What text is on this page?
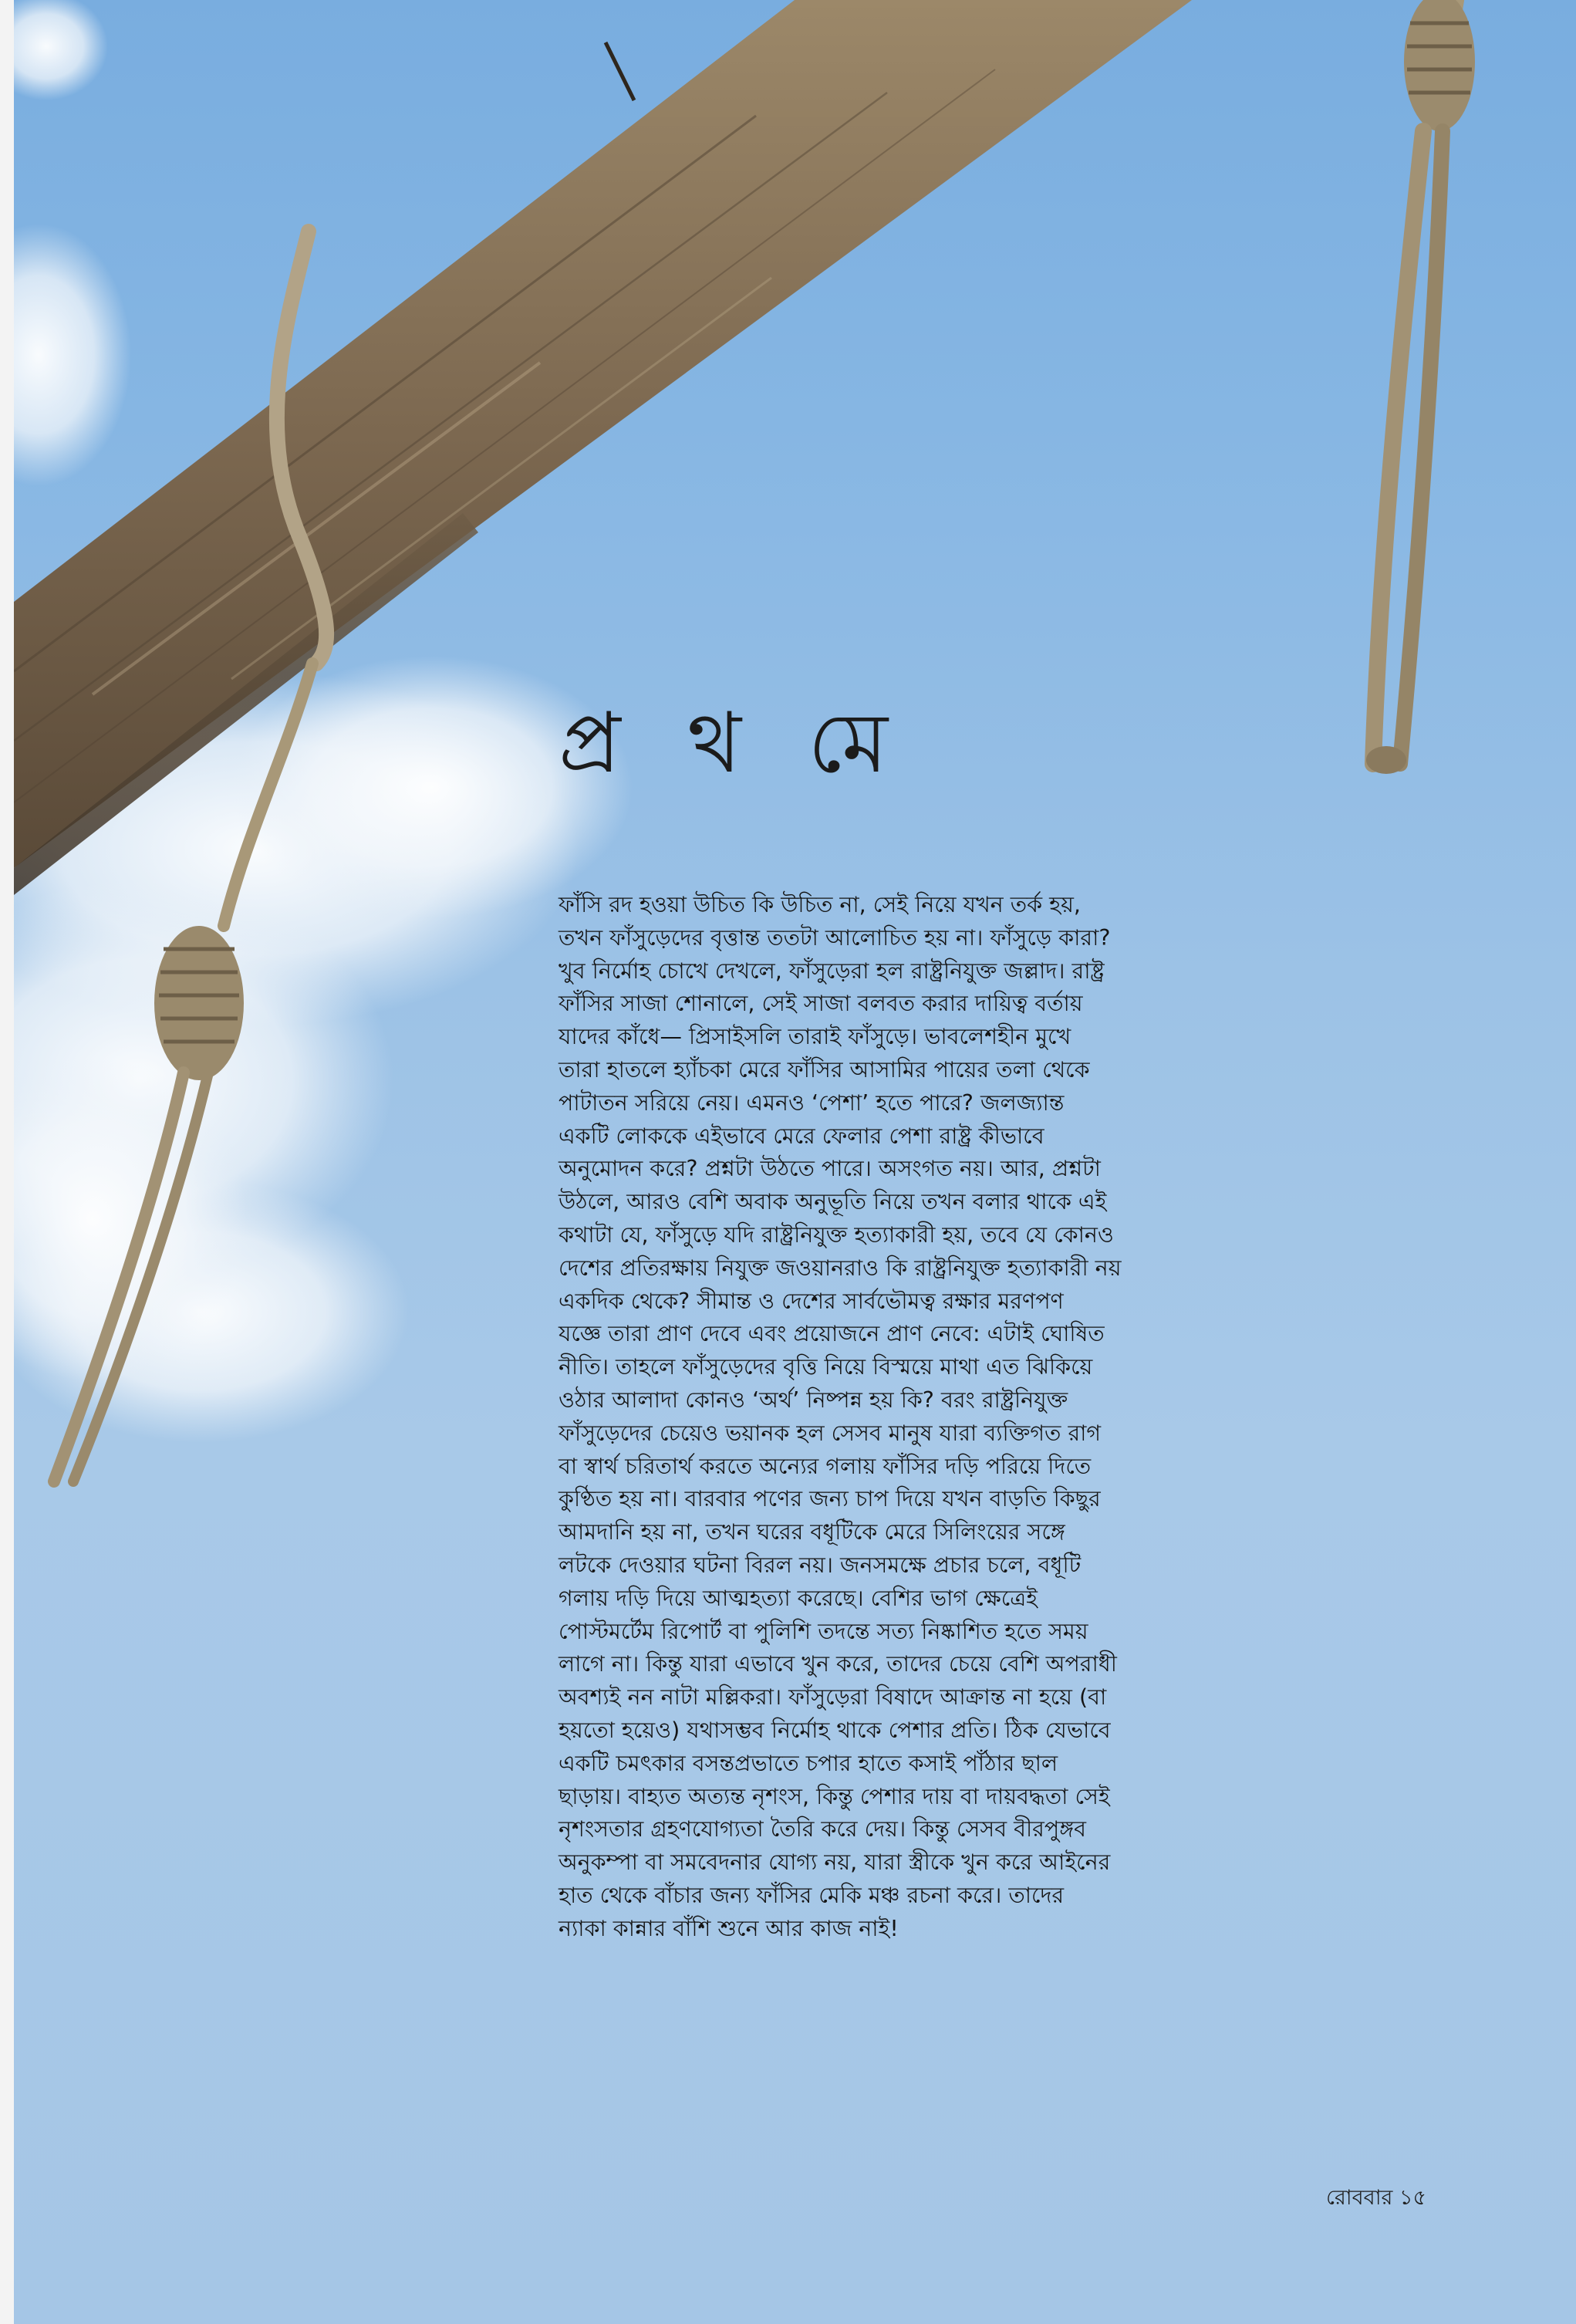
প্র থ মে
ফাঁসি রদ হওয়া উচিত কি উচিত না, সেই নিয়ে যখন তর্ক হয়,
তখন ফাঁসুড়েদের বৃত্তান্ত ততটা আলোচিত হয় না। ফাঁসুড়ে কারা?
খুব নির্মোহ চোখে দেখলে, ফাঁসুড়েরা হল রাষ্ট্রনিযুক্ত জল্লাদ। রাষ্ট্র
ফাঁসির সাজা শোনালে, সেই সাজা বলবত করার দায়িত্ব বর্তায়
যাদের কাঁধে— প্রিসাইসলি তারাই ফাঁসুড়ে। ভাবলেশহীন মুখে
তারা হাতলে হ্যাঁচকা মেরে ফাঁসির আসামির পায়ের তলা থেকে
পাটাতন সরিয়ে নেয়। এমনও ‘পেশা’ হতে পারে? জলজ্যান্ত
একটি লোককে এইভাবে মেরে ফেলার পেশা রাষ্ট্র কীভাবে
অনুমোদন করে? প্রশ্নটা উঠতে পারে। অসংগত নয়। আর, প্রশ্নটা
উঠলে, আরও বেশি অবাক অনুভূতি নিয়ে তখন বলার থাকে এই
কথাটা যে, ফাঁসুড়ে যদি রাষ্ট্রনিযুক্ত হত্যাকারী হয়, তবে যে কোনও
দেশের প্রতিরক্ষায় নিযুক্ত জওয়ানরাও কি রাষ্ট্রনিযুক্ত হত্যাকারী নয়
একদিক থেকে? সীমান্ত ও দেশের সার্বভৌমত্ব রক্ষার মরণপণ
যজ্ঞে তারা প্রাণ দেবে এবং প্রয়োজনে প্রাণ নেবে: এটাই ঘোষিত
নীতি। তাহলে ফাঁসুড়েদের বৃত্তি নিয়ে বিস্ময়ে মাথা এত ঝিকিয়ে
ওঠার আলাদা কোনও ‘অর্থ’ নিষ্পন্ন হয় কি? বরং রাষ্ট্রনিযুক্ত
ফাঁসুড়েদের চেয়েও ভয়ানক হল সেসব মানুষ যারা ব্যক্তিগত রাগ
বা স্বার্থ চরিতার্থ করতে অন্যের গলায় ফাঁসির দড়ি পরিয়ে দিতে
কুণ্ঠিত হয় না। বারবার পণের জন্য চাপ দিয়ে যখন বাড়তি কিছুর
আমদানি হয় না, তখন ঘরের বধূটিকে মেরে সিলিংয়ের সঙ্গে
লটকে দেওয়ার ঘটনা বিরল নয়। জনসমক্ষে প্রচার চলে, বধূটি
গলায় দড়ি দিয়ে আত্মহত্যা করেছে। বেশির ভাগ ক্ষেত্রেই
পোস্টমর্টেম রিপোর্ট বা পুলিশি তদন্তে সত্য নিষ্কাশিত হতে সময়
লাগে না। কিন্তু যারা এভাবে খুন করে, তাদের চেয়ে বেশি অপরাধী
অবশ্যই নন নাটা মল্লিকরা। ফাঁসুড়েরা বিষাদে আক্রান্ত না হয়ে (বা
হয়তো হয়েও) যথাসম্ভব নির্মোহ থাকে পেশার প্রতি। ঠিক যেভাবে
একটি চমৎকার বসন্তপ্রভাতে চপার হাতে কসাই পাঁঠার ছাল
ছাড়ায়। বাহ্যত অত্যন্ত নৃশংস, কিন্তু পেশার দায় বা দায়বদ্ধতা সেই
নৃশংসতার গ্রহণযোগ্যতা তৈরি করে দেয়। কিন্তু সেসব বীরপুঙ্গব
অনুকম্পা বা সমবেদনার যোগ্য নয়, যারা স্ত্রীকে খুন করে আইনের
হাত থেকে বাঁচার জন্য ফাঁসির মেকি মঞ্চ রচনা করে। তাদের
ন্যাকা কান্নার বাঁশি শুনে আর কাজ নাই!
রোববার ১৫
